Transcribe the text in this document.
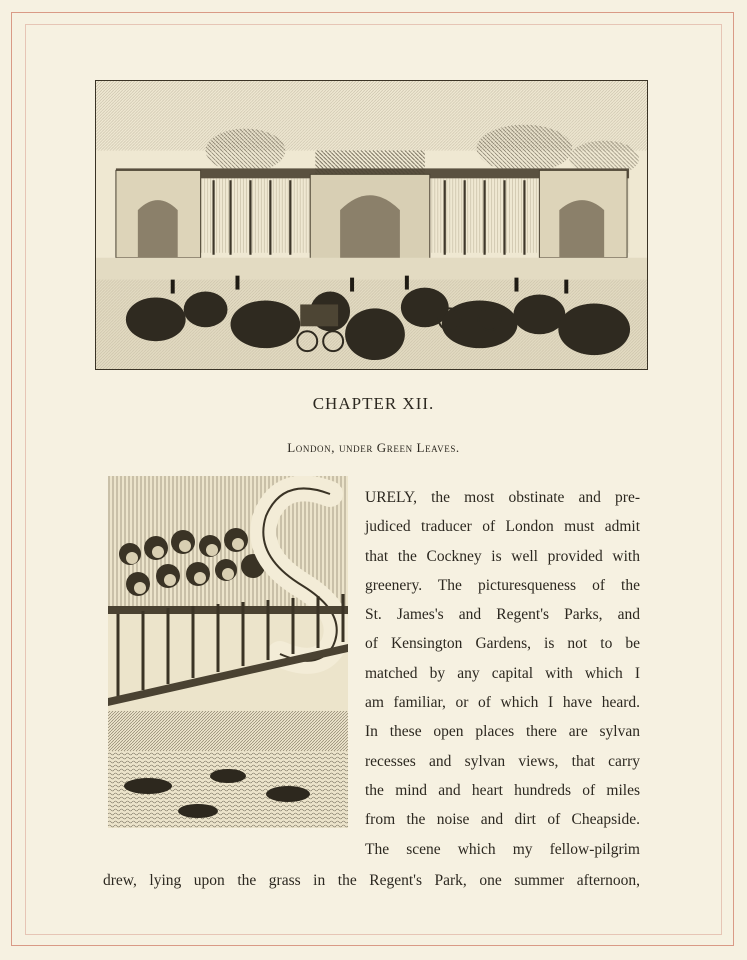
CHAPTER XII.
London, under Green Leaves.
URELY, the most obstinate and pre-
judiced traducer of London must admit
that the Cockney is well provided with
greenery. The picturesqueness of the
St. James's and Regent's Parks, and
of Kensington Gardens, is not to be
matched by any capital with which I
am familiar, or of which I have heard.
In these open places there are sylvan
recesses and sylvan views, that carry
the mind and heart hundreds of miles
from the noise and dirt of Cheapside.
The scene which my fellow-pilgrim
drew, lying upon the grass in the Regent's Park, one summer afternoon,
